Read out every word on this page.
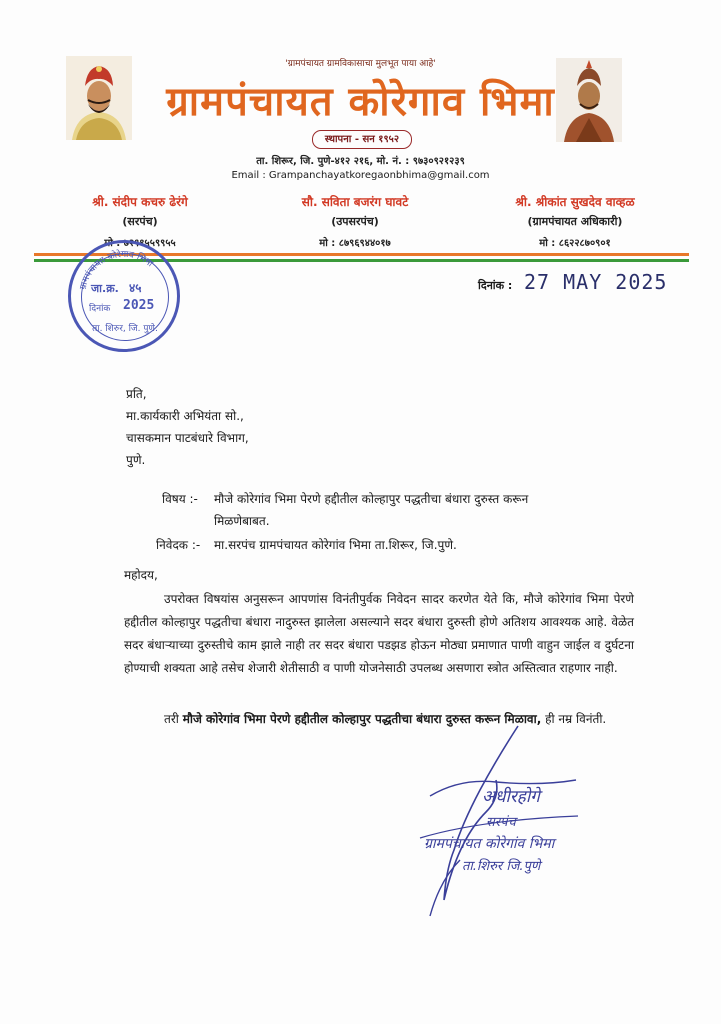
'ग्रामपंचायत ग्रामविकासाचा मुलभूत पाया आहे'
ग्रामपंचायत कोरेगाव भिमा
स्थापना - सन १९५२
ता. शिरूर, जि. पुणे-४१२ २१६, मो. नं. : ९७३०९२१२३९
Email : Grampanchayatkoregaonbhima@gmail.com
श्री. संदीप कचरु ढेरंगे
(सरपंच)
मो : ७२१९५५९९५५
सौ. सविता बजरंग घावटे
(उपसरपंच)
मो : ८७९६९४४०१७
श्री. श्रीकांत सुखदेव वाव्हळ
(ग्रामपंचायत अधिकारी)
मो : ८६२२८७०९०१
दिनांक : 27 MAY 2025
ग्रामपंचायत कोरेगाव भिमा
जा.क्र. ४५
दिनांक 2025
ता. शिरुर, जि. पुणे.
प्रति,
मा.कार्यकारी अभियंता सो.,
चासकमान पाटबंधारे विभाग,
पुणे.
विषय :- मौजे कोरेगांव भिमा पेरणे हद्दीतील कोल्हापुर पद्धतीचा बंधारा दुरुस्त करून
मिळणेबाबत.
निवेदक :- मा.सरपंच ग्रामपंचायत कोरेगांव भिमा ता.शिरूर, जि.पुणे.
महोदय,
उपरोक्त विषयांस अनुसरून आपणांस विनंतीपुर्वक निवेदन सादर करणेत येते कि, मौजे कोरेगांव भिमा पेरणे हद्दीतील कोल्हापुर पद्धतीचा बंधारा नादुरुस्त झालेला असल्याने सदर बंधारा दुरुस्ती होणे अतिशय आवश्यक आहे. वेळेत सदर बंधाऱ्याच्या दुरुस्तीचे काम झाले नाही तर सदर बंधारा पडझड होऊन मोठ्या प्रमाणात पाणी वाहुन जाईल व दुर्घटना होण्याची शक्यता आहे तसेच शेजारी शेतीसाठी व पाणी योजनेसाठी उपलब्ध असणारा स्त्रोत अस्तित्वात राहणार नाही.
तरी मौजे कोरेगांव भिमा पेरणे हद्दीतील कोल्हापुर पद्धतीचा बंधारा दुरुस्त करून मिळावा, ही नम्र विनंती.
अधीरहोगे
सरपंच
ग्रामपंचायत कोरेगांव भिमा
ता.शिरुर जि.पुणे
